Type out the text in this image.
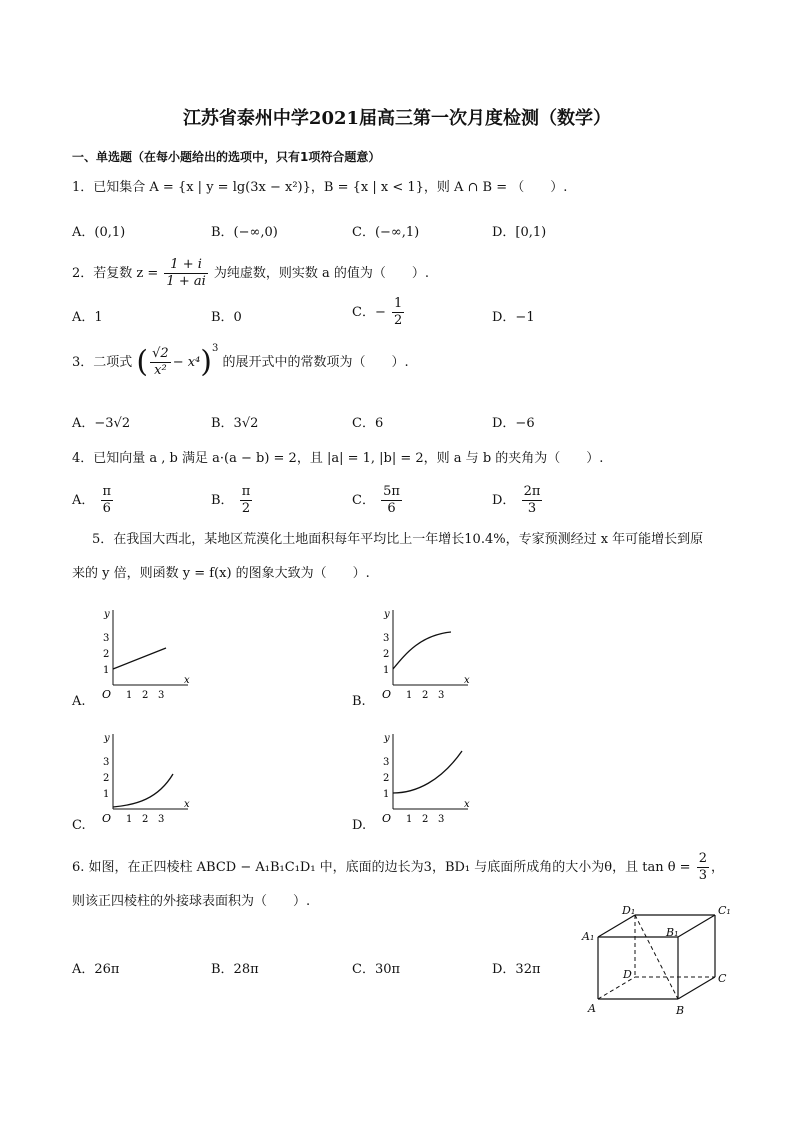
江苏省泰州中学2021届高三第一次月度检测（数学）
一、单选题（在每小题给出的选项中，只有1项符合题意）
1．已知集合 A = {x | y = lg(3x − x²)}，B = {x | x < 1}，则 A ∩ B = （　　）.
A．(0,1)	B．(−∞,0)	C．(−∞,1)	D．[0,1)
2．若复数 $z = \frac{1 + i}{1 + ai}$ 为纯虚数，则实数 a 的值为（　　）.
A．1	B．0	C．− $\frac{1}{2}$	D．−1
3．二项式 ( $\frac{√2}{\text{x²}} - x^4)^3$ 的展开式中的常数项为（　　）.
A．−3√2	B．3√2	C．6	D．−6
4．已知向量 a , b 满足 a·(a − b) = 2，且 |a| = 1, |b| = 2，则 a 与 b 的夹角为（　　）.
A． $\frac{\pi}{6}$	B． $\frac{\pi}{2}$	C． $\frac{5\pi}{6}$	D． $\frac{2\pi}{3}$
5．在我国大西北，某地区荒漠化土地面积每年平均比上一年增长10.4%，专家预测经过 x 年可能增长到原
来的 y 倍，则函数 y = f(x) 的图象大致为（　　）.
A.	B.
C.	D.
y
x
O
1
1
2
2
3
3
y
x
O
1
1
2
2
3
3
y
x
O
1
1
2
2
3
3
y
x
O
1
1
2
2
3
3
6. 如图，在正四棱柱 ABCD − A₁B₁C₁D₁ 中，底面的边长为3，BD₁ 与底面所成角的大小为θ，且 $\tan \theta = \frac{2}{3}$ ，
则该正四棱柱的外接球表面积为（　　）.
A．26π	B．28π	C．30π	D．32π
D₁	C₁
A₁	B₁
D	C
A	B
